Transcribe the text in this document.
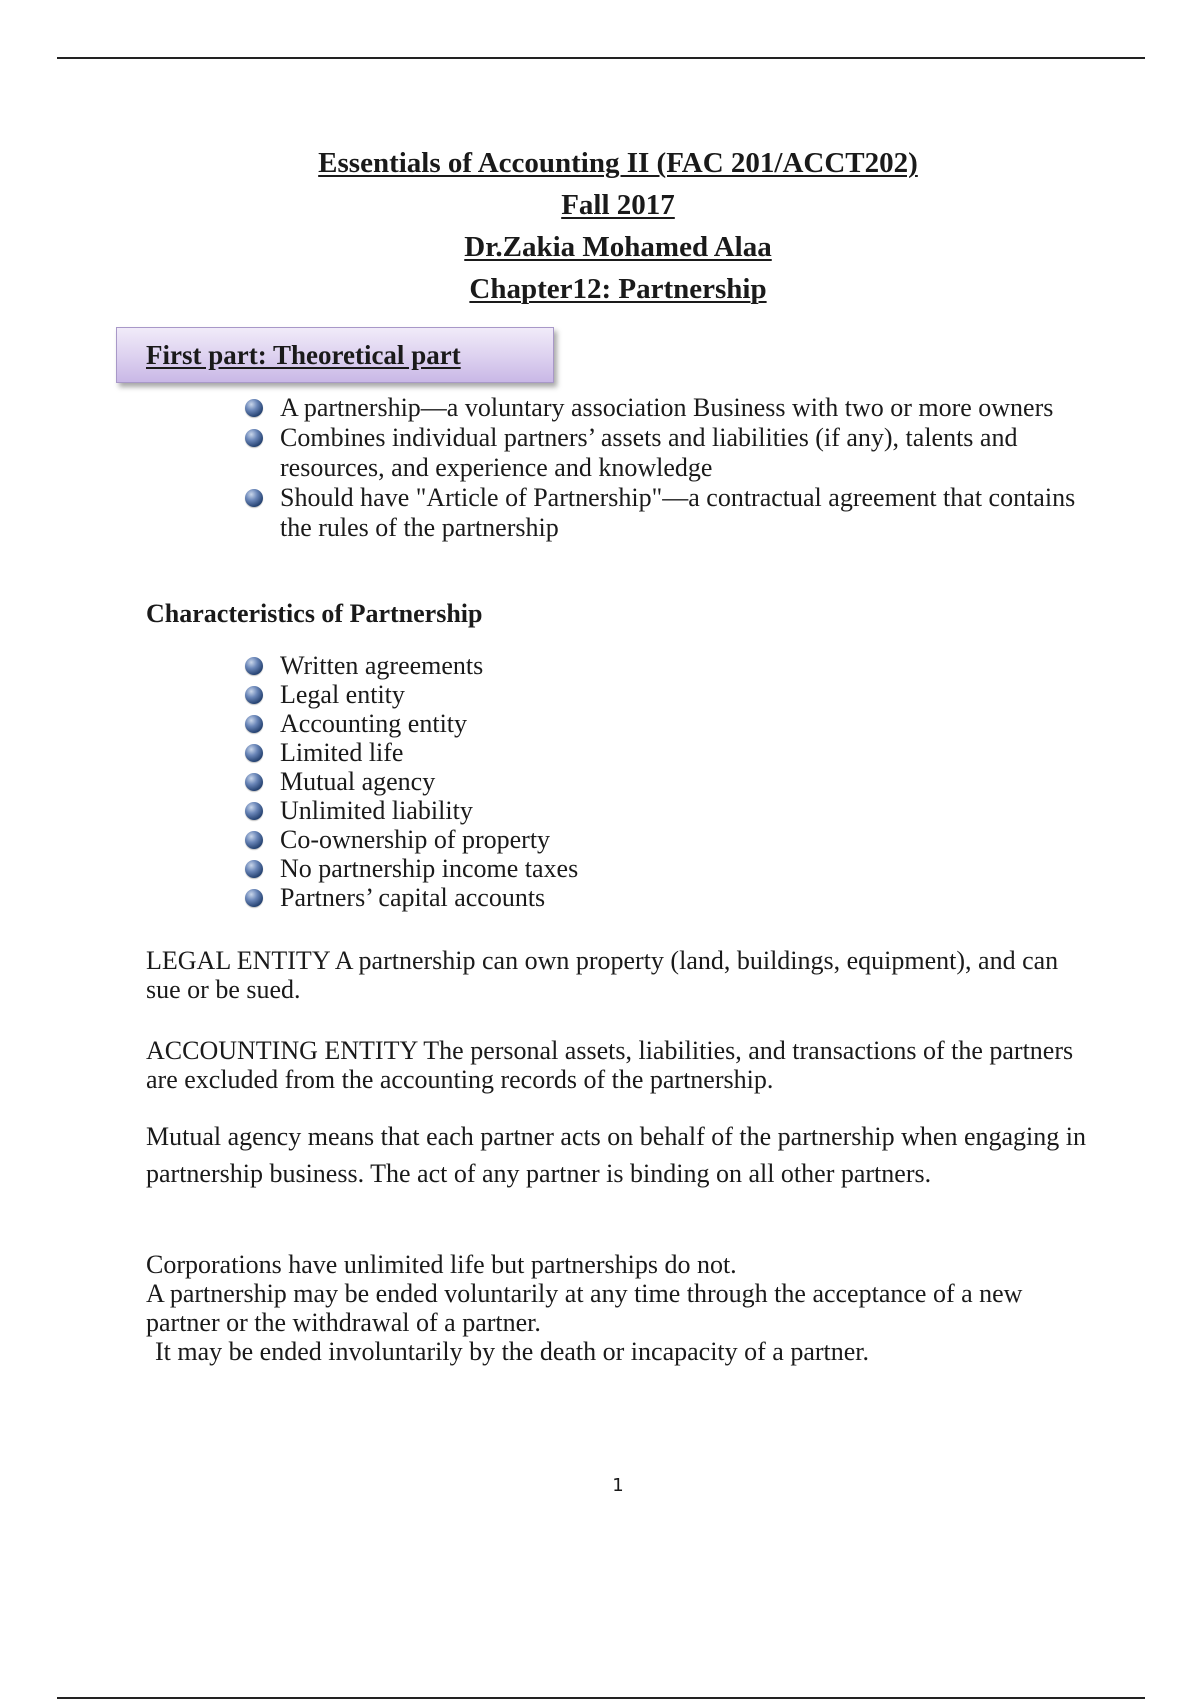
Essentials of Accounting II (FAC 201/ACCT202)
Fall 2017
Dr.Zakia Mohamed Alaa
Chapter12: Partnership
First part: Theoretical part
A partnership—a voluntary association Business with two or more owners
Combines individual partners’ assets and liabilities (if any), talents and resources, and experience and knowledge
Should have "Article of Partnership"—a contractual agreement that contains the rules of the partnership
Characteristics of Partnership
Written agreements
Legal entity
Accounting entity
Limited life
Mutual agency
Unlimited liability
Co-ownership of property
No partnership income taxes
Partners’ capital accounts

LEGAL ENTITY A partnership can own property (land, buildings, equipment), and can sue or be sued.

ACCOUNTING ENTITY The personal assets, liabilities, and transactions of the partners are excluded from the accounting records of the partnership.

Mutual agency means that each partner acts on behalf of the partnership when engaging in partnership business. The act of any partner is binding on all other partners.

Corporations have unlimited life but partnerships do not.
A partnership may be ended voluntarily at any time through the acceptance of a new partner or the withdrawal of a partner.
It may be ended involuntarily by the death or incapacity of a partner.

1
